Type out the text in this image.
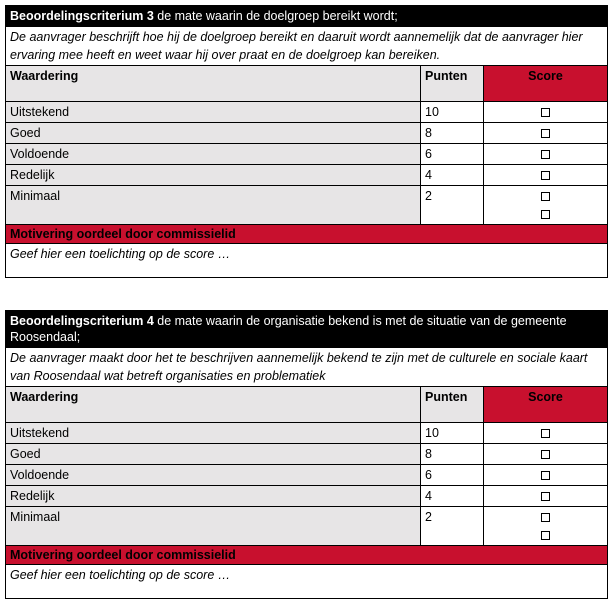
Beoordelingscriterium 3 de mate waarin de doelgroep bereikt wordt;
De aanvrager beschrijft hoe hij de doelgroep bereikt en daaruit wordt aannemelijk dat de aanvrager hier ervaring mee heeft en weet waar hij over praat en de doelgroep kan bereiken.
Waardering	Punten	Score
Uitstekend	10
Goed	8
Voldoende	6
Redelijk	4
Minimaal	2

Motivering oordeel door commissielid
Geef hier een toelichting op de score …
Beoordelingscriterium 4 de mate waarin de organisatie bekend is met de situatie van de gemeente Roosendaal;
De aanvrager maakt door het te beschrijven aannemelijk bekend te zijn met de culturele en sociale kaart van Roosendaal wat betreft organisaties en problematiek
Waardering	Punten	Score
Uitstekend	10
Goed	8
Voldoende	6
Redelijk	4
Minimaal	2

Motivering oordeel door commissielid
Geef hier een toelichting op de score …
